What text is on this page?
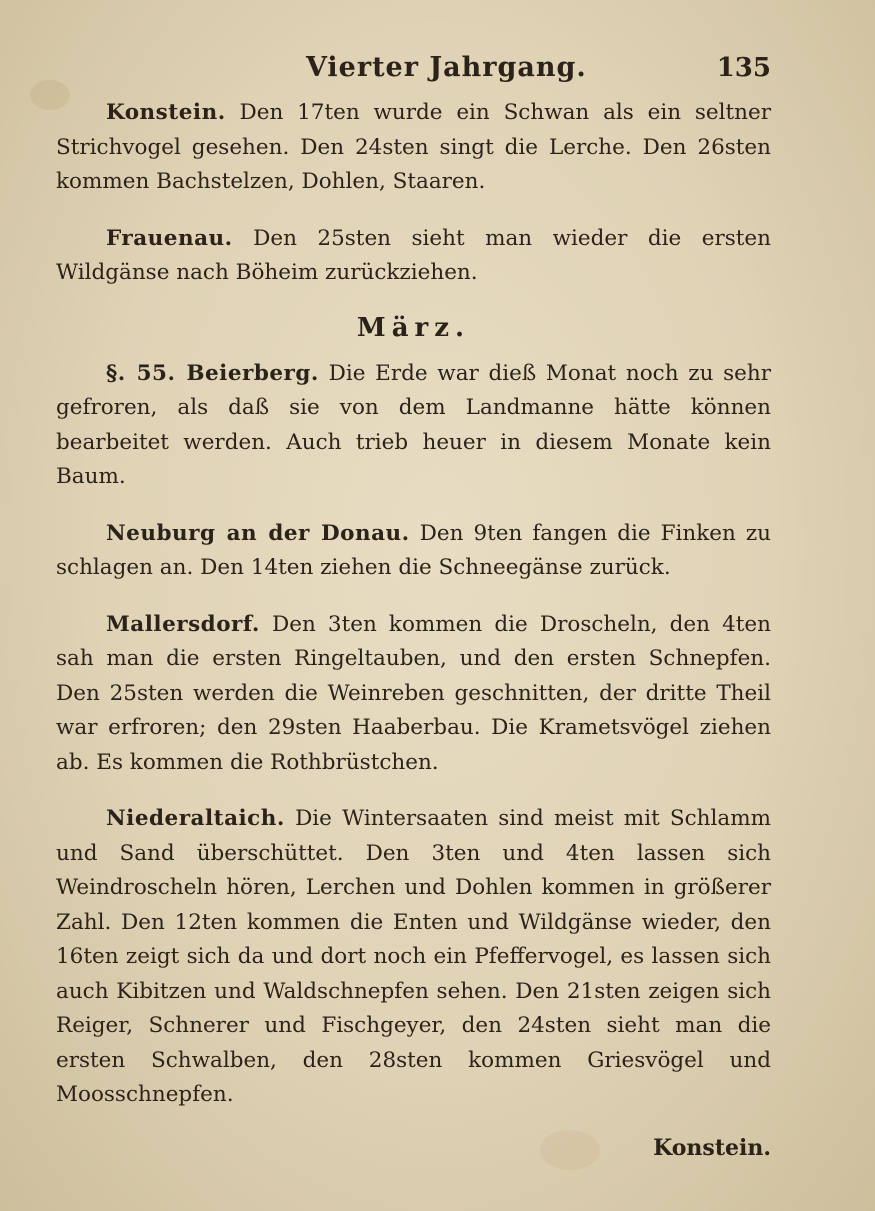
Vierter Jahrgang.	135

Konstein. Den 17ten wurde ein Schwan als ein seltner Strichvogel gesehen. Den 24sten singt die Lerche. Den 26sten kommen Bachstelzen, Dohlen, Staaren.

Frauenau. Den 25sten sieht man wieder die ersten Wildgänse nach Böheim zurückziehen.

März.

§. 55. Beierberg. Die Erde war dieß Monat noch zu sehr gefroren, als daß sie von dem Landmanne hätte können bearbeitet werden. Auch trieb heuer in diesem Monate kein Baum.

Neuburg an der Donau. Den 9ten fangen die Finken zu schlagen an. Den 14ten ziehen die Schneegänse zurück.

Mallersdorf. Den 3ten kommen die Droscheln, den 4ten sah man die ersten Ringeltauben, und den ersten Schnepfen. Den 25sten werden die Weinreben geschnitten, der dritte Theil war erfroren; den 29sten Haaberbau. Die Krametsvögel ziehen ab. Es kommen die Rothbrüstchen.

Niederaltaich. Die Wintersaaten sind meist mit Schlamm und Sand überschüttet. Den 3ten und 4ten lassen sich Weindroscheln hören, Lerchen und Dohlen kommen in größerer Zahl. Den 12ten kommen die Enten und Wildgänse wieder, den 16ten zeigt sich da und dort noch ein Pfeffervogel, es lassen sich auch Kibitzen und Waldschnepfen sehen. Den 21sten zeigen sich Reiger, Schnerer und Fischgeyer, den 24sten sieht man die ersten Schwalben, den 28sten kommen Griesvögel und Moosschnepfen.

Konstein.
